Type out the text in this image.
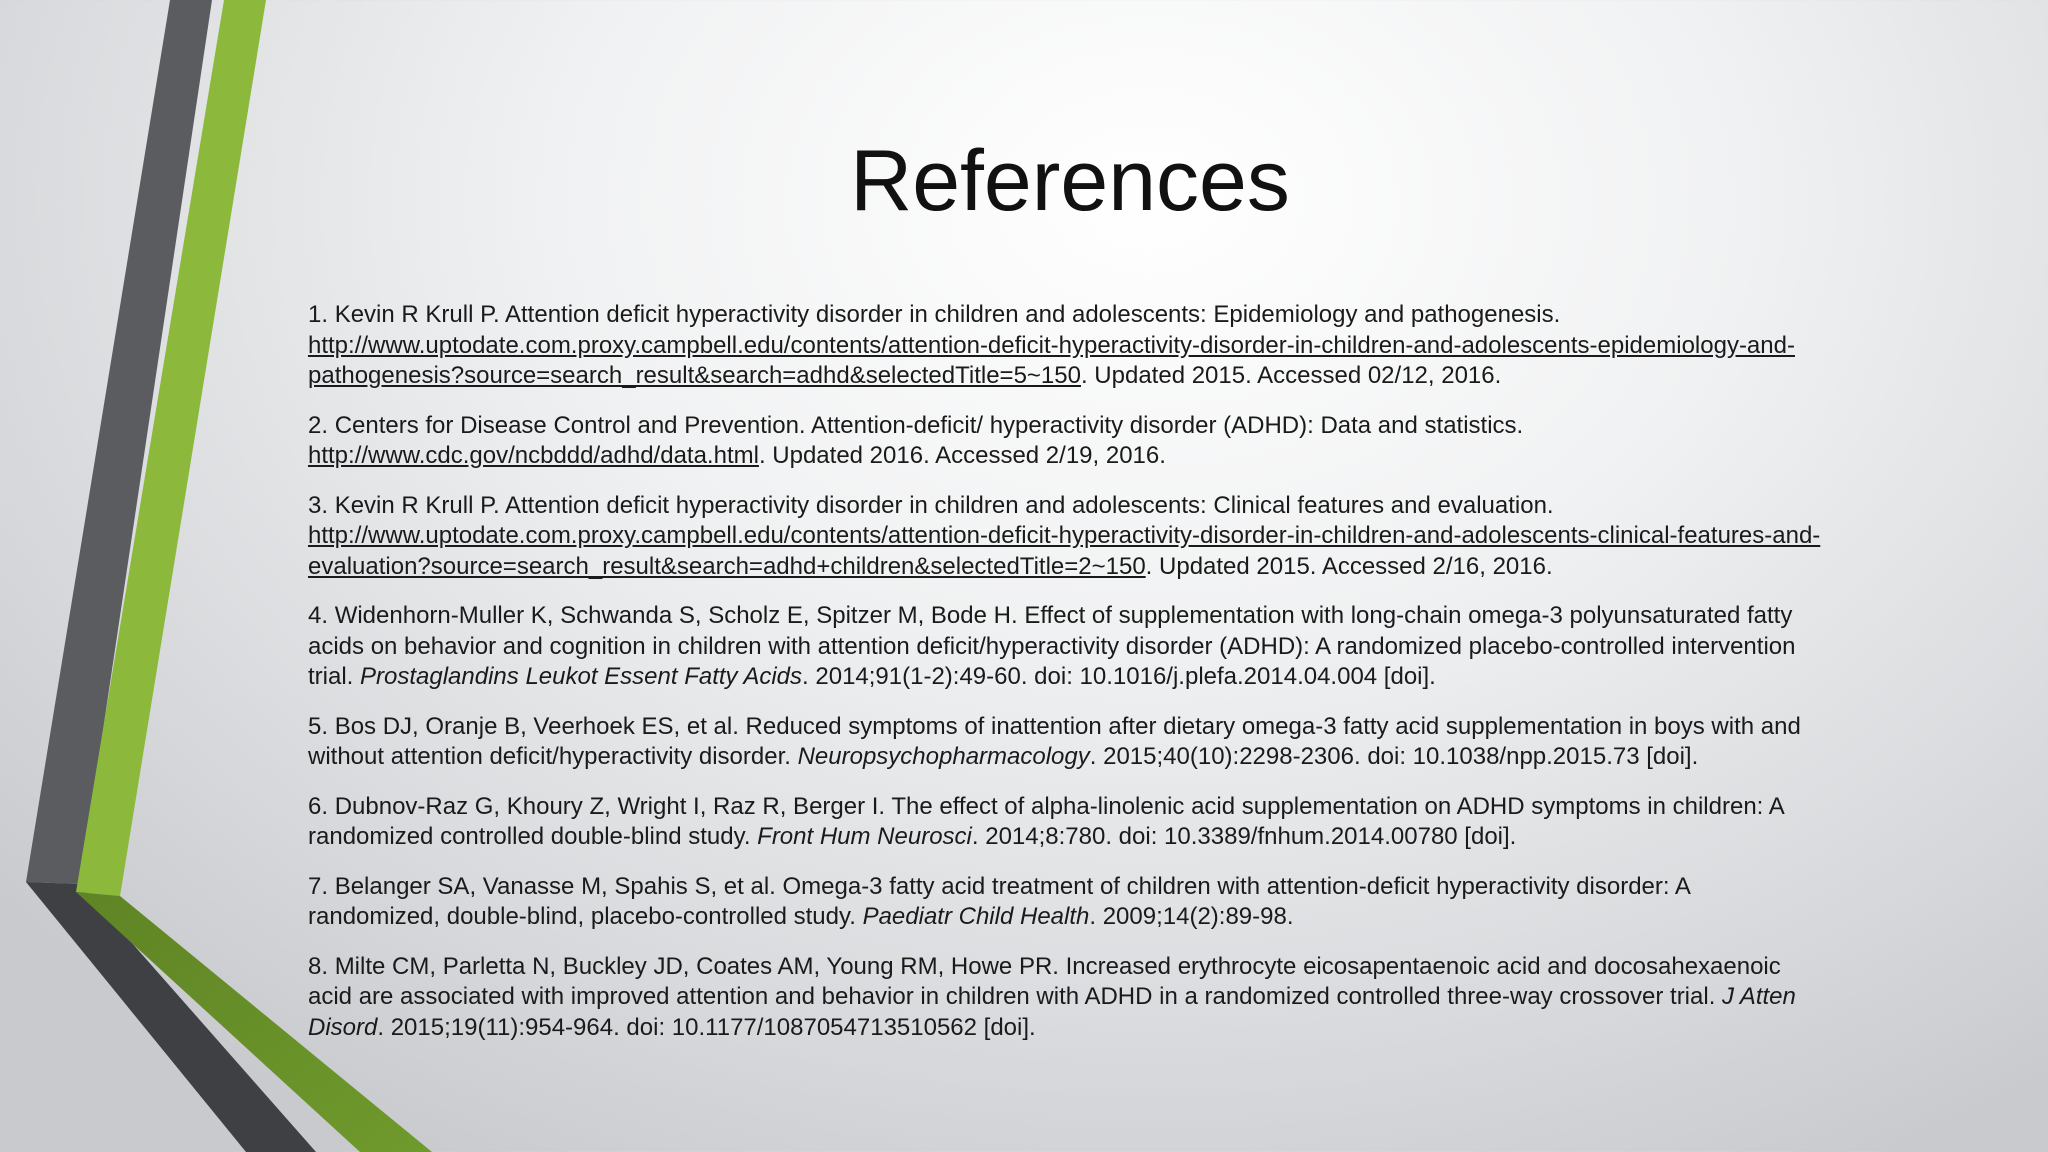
References
1. Kevin R Krull P. Attention deficit hyperactivity disorder in children and adolescents: Epidemiology and pathogenesis.
http://www.uptodate.com.proxy.campbell.edu/contents/attention-deficit-hyperactivity-disorder-in-children-and-adolescents-epidemiology-and-
pathogenesis?source=search_result&search=adhd&selectedTitle=5~150. Updated 2015. Accessed 02/12, 2016.
2. Centers for Disease Control and Prevention. Attention-deficit/ hyperactivity disorder (ADHD): Data and statistics.
http://www.cdc.gov/ncbddd/adhd/data.html. Updated 2016. Accessed 2/19, 2016.
3. Kevin R Krull P. Attention deficit hyperactivity disorder in children and adolescents: Clinical features and evaluation.
http://www.uptodate.com.proxy.campbell.edu/contents/attention-deficit-hyperactivity-disorder-in-children-and-adolescents-clinical-features-and-
evaluation?source=search_result&search=adhd+children&selectedTitle=2~150. Updated 2015. Accessed 2/16, 2016.
4. Widenhorn-Muller K, Schwanda S, Scholz E, Spitzer M, Bode H. Effect of supplementation with long-chain omega-3 polyunsaturated fatty
acids on behavior and cognition in children with attention deficit/hyperactivity disorder (ADHD): A randomized placebo-controlled intervention
trial. Prostaglandins Leukot Essent Fatty Acids. 2014;91(1-2):49-60. doi: 10.1016/j.plefa.2014.04.004 [doi].
5. Bos DJ, Oranje B, Veerhoek ES, et al. Reduced symptoms of inattention after dietary omega-3 fatty acid supplementation in boys with and
without attention deficit/hyperactivity disorder. Neuropsychopharmacology. 2015;40(10):2298-2306. doi: 10.1038/npp.2015.73 [doi].
6. Dubnov-Raz G, Khoury Z, Wright I, Raz R, Berger I. The effect of alpha-linolenic acid supplementation on ADHD symptoms in children: A
randomized controlled double-blind study. Front Hum Neurosci. 2014;8:780. doi: 10.3389/fnhum.2014.00780 [doi].
7. Belanger SA, Vanasse M, Spahis S, et al. Omega-3 fatty acid treatment of children with attention-deficit hyperactivity disorder: A
randomized, double-blind, placebo-controlled study. Paediatr Child Health. 2009;14(2):89-98.
8. Milte CM, Parletta N, Buckley JD, Coates AM, Young RM, Howe PR. Increased erythrocyte eicosapentaenoic acid and docosahexaenoic
acid are associated with improved attention and behavior in children with ADHD in a randomized controlled three-way crossover trial. J Atten
Disord. 2015;19(11):954-964. doi: 10.1177/1087054713510562 [doi].
